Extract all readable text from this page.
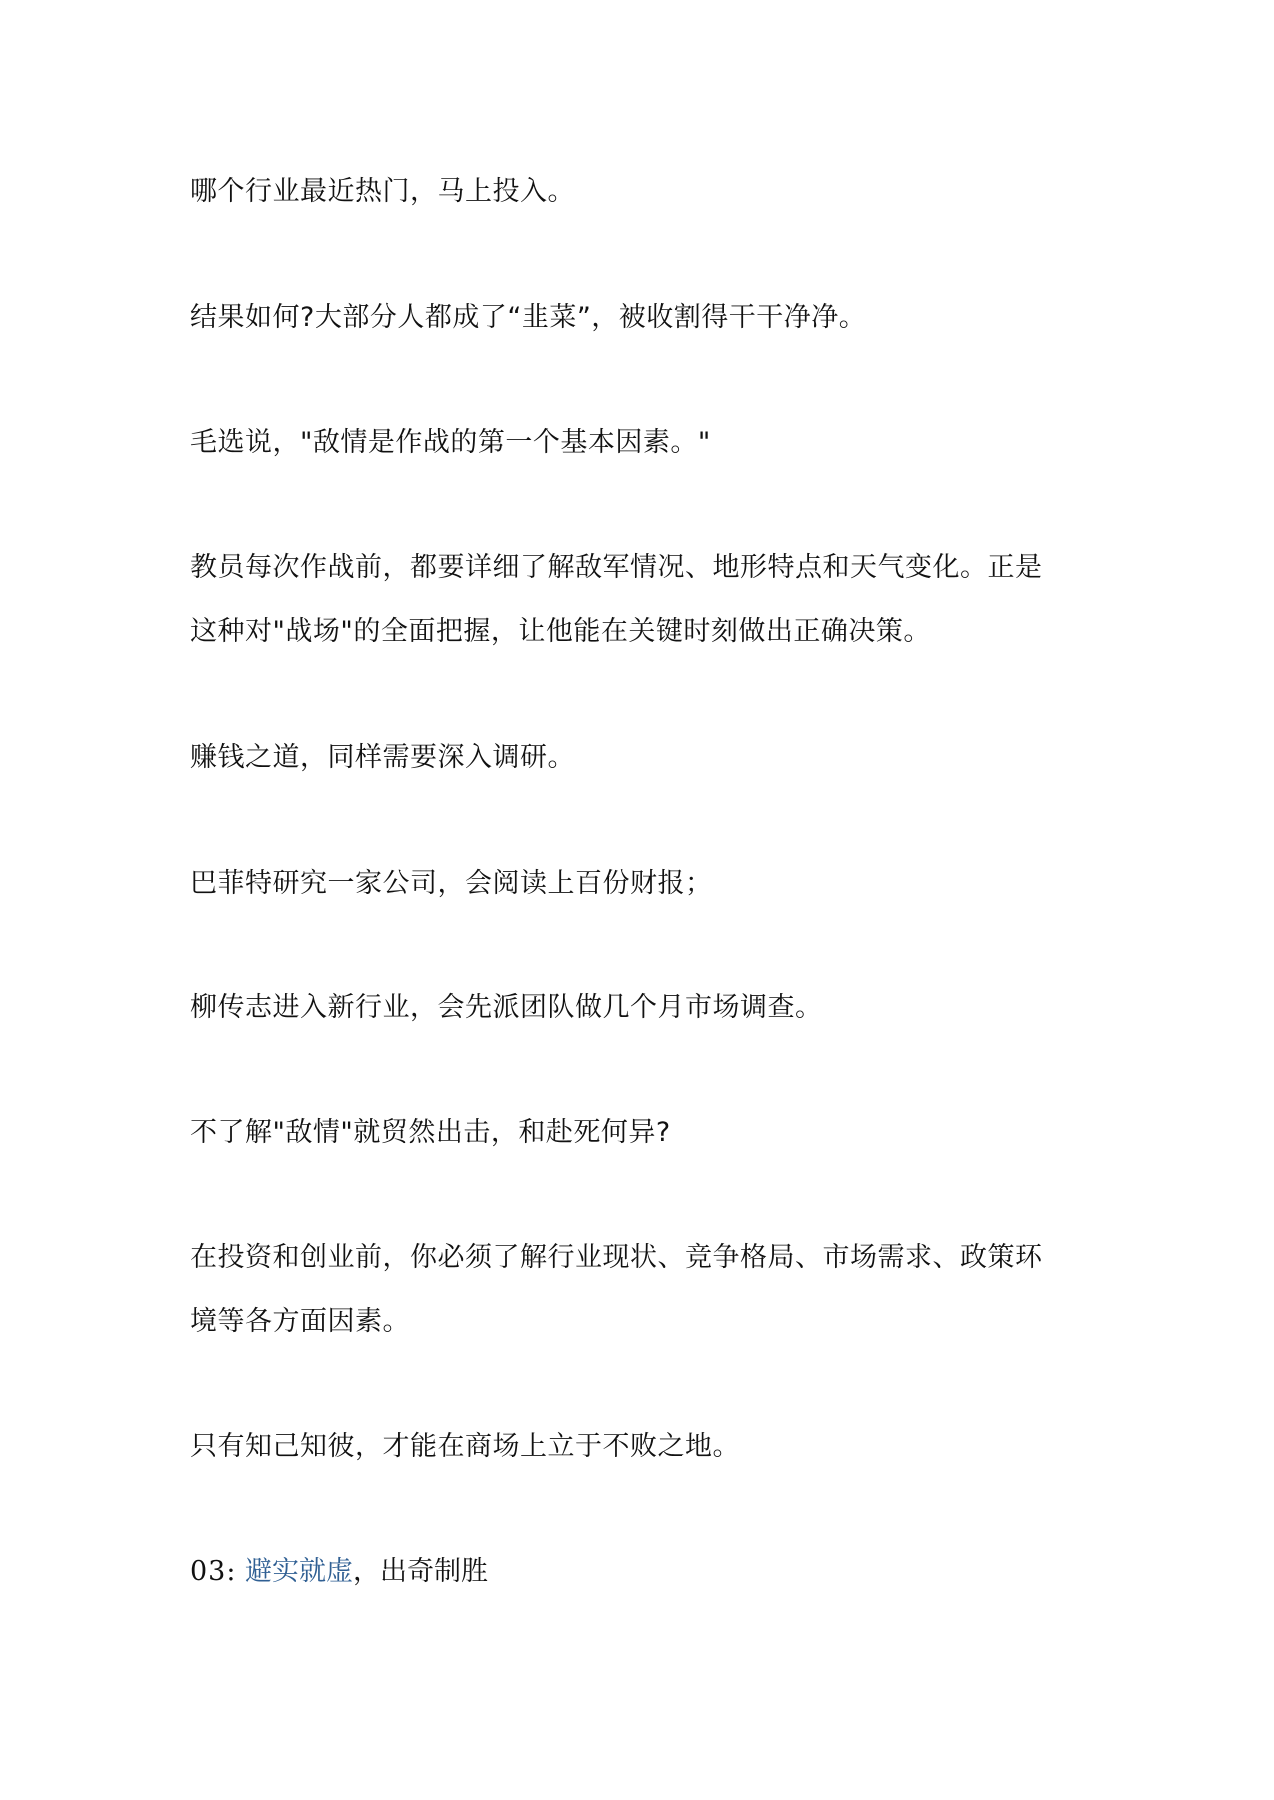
哪个行业最近热门，马上投入。

结果如何?大部分人都成了“韭菜”，被收割得干干净净。

毛选说，"敌情是作战的第一个基本因素。"

教员每次作战前，都要详细了解敌军情况、地形特点和天气变化。正是

这种对"战场"的全面把握，让他能在关键时刻做出正确决策。

赚钱之道，同样需要深入调研。

巴菲特研究一家公司，会阅读上百份财报；

柳传志进入新行业，会先派团队做几个月市场调查。

不了解"敌情"就贸然出击，和赴死何异?

在投资和创业前，你必须了解行业现状、竞争格局、市场需求、政策环

境等各方面因素。

只有知己知彼，才能在商场上立于不败之地。

03: 避实就虚，出奇制胜
